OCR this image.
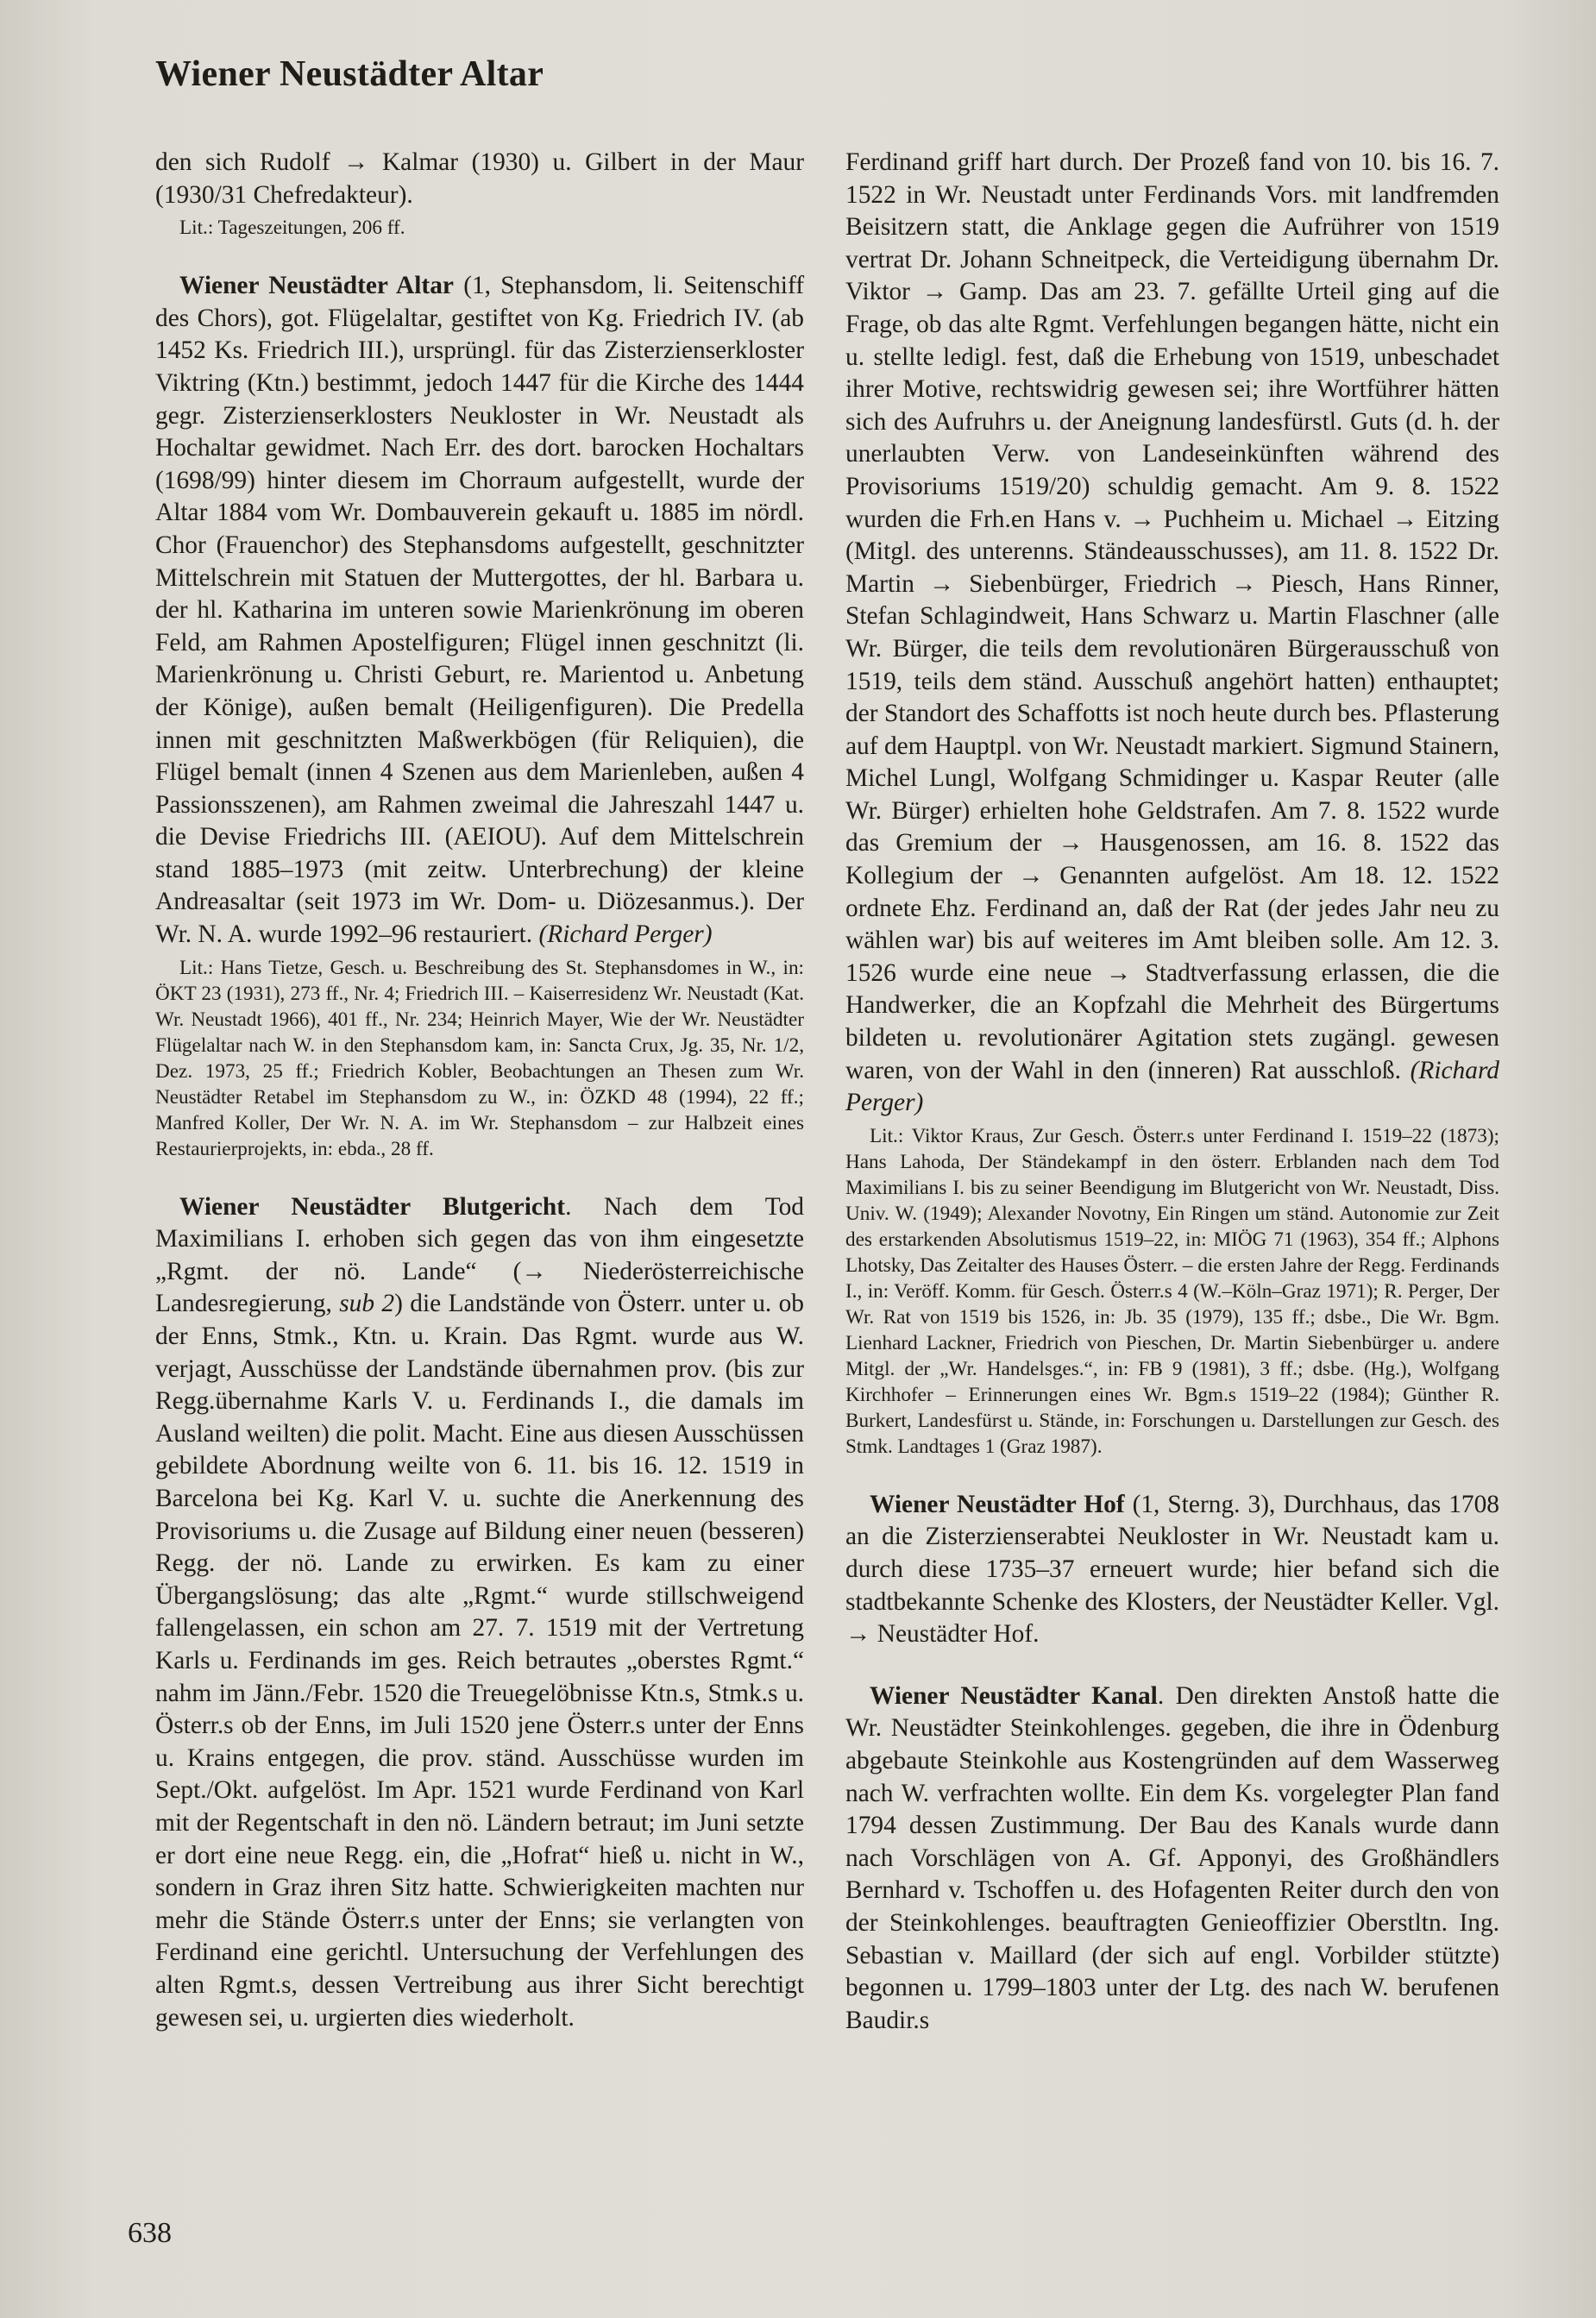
Wiener Neustädter Altar

den sich Rudolf → Kalmar (1930) u. Gilbert in der Maur (1930/31 Chefredakteur).

Lit.: Tageszeitungen, 206 ff.

Wiener Neustädter Altar (1, Stephansdom, li. Seitenschiff des Chors), got. Flügelaltar, gestiftet von Kg. Friedrich IV. (ab 1452 Ks. Friedrich III.), ursprüngl. für das Zisterzienserkloster Viktring (Ktn.) bestimmt, jedoch 1447 für die Kirche des 1444 gegr. Zisterzienserklosters Neukloster in Wr. Neustadt als Hochaltar gewidmet. Nach Err. des dort. barocken Hochaltars (1698/99) hinter diesem im Chorraum aufgestellt, wurde der Altar 1884 vom Wr. Dombauverein gekauft u. 1885 im nördl. Chor (Frauenchor) des Stephansdoms aufgestellt, geschnitzter Mittelschrein mit Statuen der Muttergottes, der hl. Barbara u. der hl. Katharina im unteren sowie Marienkrönung im oberen Feld, am Rahmen Apostelfiguren; Flügel innen geschnitzt (li. Marienkrönung u. Christi Geburt, re. Marientod u. Anbetung der Könige), außen bemalt (Heiligenfiguren). Die Predella innen mit geschnitzten Maßwerkbögen (für Reliquien), die Flügel bemalt (innen 4 Szenen aus dem Marienleben, außen 4 Passionsszenen), am Rahmen zweimal die Jahreszahl 1447 u. die Devise Friedrichs III. (AEIOU). Auf dem Mittelschrein stand 1885–1973 (mit zeitw. Unterbrechung) der kleine Andreasaltar (seit 1973 im Wr. Dom- u. Diözesanmus.). Der Wr. N. A. wurde 1992–96 restauriert. (Richard Perger)

Lit.: Hans Tietze, Gesch. u. Beschreibung des St. Stephansdomes in W., in: ÖKT 23 (1931), 273 ff., Nr. 4; Friedrich III. – Kaiserresidenz Wr. Neustadt (Kat. Wr. Neustadt 1966), 401 ff., Nr. 234; Heinrich Mayer, Wie der Wr. Neustädter Flügelaltar nach W. in den Stephansdom kam, in: Sancta Crux, Jg. 35, Nr. 1/2, Dez. 1973, 25 ff.; Friedrich Kobler, Beobachtungen an Thesen zum Wr. Neustädter Retabel im Stephansdom zu W., in: ÖZKD 48 (1994), 22 ff.; Manfred Koller, Der Wr. N. A. im Wr. Stephansdom – zur Halbzeit eines Restaurierprojekts, in: ebda., 28 ff.

Wiener Neustädter Blutgericht. Nach dem Tod Maximilians I. erhoben sich gegen das von ihm eingesetzte „Rgmt. der nö. Lande“ (→ Niederösterreichische Landesregierung, sub 2) die Landstände von Österr. unter u. ob der Enns, Stmk., Ktn. u. Krain. Das Rgmt. wurde aus W. verjagt, Ausschüsse der Landstände übernahmen prov. (bis zur Regg.übernahme Karls V. u. Ferdinands I., die damals im Ausland weilten) die polit. Macht. Eine aus diesen Ausschüssen gebildete Abordnung weilte von 6. 11. bis 16. 12. 1519 in Barcelona bei Kg. Karl V. u. suchte die Anerkennung des Provisoriums u. die Zusage auf Bildung einer neuen (besseren) Regg. der nö. Lande zu erwirken. Es kam zu einer Übergangslösung; das alte „Rgmt.“ wurde stillschweigend fallengelassen, ein schon am 27. 7. 1519 mit der Vertretung Karls u. Ferdinands im ges. Reich betrautes „oberstes Rgmt.“ nahm im Jänn./Febr. 1520 die Treuegelöbnisse Ktn.s, Stmk.s u. Österr.s ob der Enns, im Juli 1520 jene Österr.s unter der Enns u. Krains entgegen, die prov. ständ. Ausschüsse wurden im Sept./Okt. aufgelöst. Im Apr. 1521 wurde Ferdinand von Karl mit der Regentschaft in den nö. Ländern betraut; im Juni setzte er dort eine neue Regg. ein, die „Hofrat“ hieß u. nicht in W., sondern in Graz ihren Sitz hatte. Schwierigkeiten machten nur mehr die Stände Österr.s unter der Enns; sie verlangten von Ferdinand eine gerichtl. Untersuchung der Verfehlungen des alten Rgmt.s, dessen Vertreibung aus ihrer Sicht berechtigt gewesen sei, u. urgierten dies wiederholt.

Ferdinand griff hart durch. Der Prozeß fand von 10. bis 16. 7. 1522 in Wr. Neustadt unter Ferdinands Vors. mit landfremden Beisitzern statt, die Anklage gegen die Aufrührer von 1519 vertrat Dr. Johann Schneitpeck, die Verteidigung übernahm Dr. Viktor → Gamp. Das am 23. 7. gefällte Urteil ging auf die Frage, ob das alte Rgmt. Verfehlungen begangen hätte, nicht ein u. stellte ledigl. fest, daß die Erhebung von 1519, unbeschadet ihrer Motive, rechtswidrig gewesen sei; ihre Wortführer hätten sich des Aufruhrs u. der Aneignung landesfürstl. Guts (d. h. der unerlaubten Verw. von Landeseinkünften während des Provisoriums 1519/20) schuldig gemacht. Am 9. 8. 1522 wurden die Frh.en Hans v. → Puchheim u. Michael → Eitzing (Mitgl. des unterenns. Ständeausschusses), am 11. 8. 1522 Dr. Martin → Siebenbürger, Friedrich → Piesch, Hans Rinner, Stefan Schlagindweit, Hans Schwarz u. Martin Flaschner (alle Wr. Bürger, die teils dem revolutionären Bürgerausschuß von 1519, teils dem ständ. Ausschuß angehört hatten) enthauptet; der Standort des Schaffotts ist noch heute durch bes. Pflasterung auf dem Hauptpl. von Wr. Neustadt markiert. Sigmund Stainern, Michel Lungl, Wolfgang Schmidinger u. Kaspar Reuter (alle Wr. Bürger) erhielten hohe Geldstrafen. Am 7. 8. 1522 wurde das Gremium der → Hausgenossen, am 16. 8. 1522 das Kollegium der → Genannten aufgelöst. Am 18. 12. 1522 ordnete Ehz. Ferdinand an, daß der Rat (der jedes Jahr neu zu wählen war) bis auf weiteres im Amt bleiben solle. Am 12. 3. 1526 wurde eine neue → Stadtverfassung erlassen, die die Handwerker, die an Kopfzahl die Mehrheit des Bürgertums bildeten u. revolutionärer Agitation stets zugängl. gewesen waren, von der Wahl in den (inneren) Rat ausschloß. (Richard Perger)

Lit.: Viktor Kraus, Zur Gesch. Österr.s unter Ferdinand I. 1519–22 (1873); Hans Lahoda, Der Ständekampf in den österr. Erblanden nach dem Tod Maximilians I. bis zu seiner Beendigung im Blutgericht von Wr. Neustadt, Diss. Univ. W. (1949); Alexander Novotny, Ein Ringen um ständ. Autonomie zur Zeit des erstarkenden Absolutismus 1519–22, in: MIÖG 71 (1963), 354 ff.; Alphons Lhotsky, Das Zeitalter des Hauses Österr. – die ersten Jahre der Regg. Ferdinands I., in: Veröff. Komm. für Gesch. Österr.s 4 (W.–Köln–Graz 1971); R. Perger, Der Wr. Rat von 1519 bis 1526, in: Jb. 35 (1979), 135 ff.; dsbe., Die Wr. Bgm. Lienhard Lackner, Friedrich von Pieschen, Dr. Martin Siebenbürger u. andere Mitgl. der „Wr. Handelsges.“, in: FB 9 (1981), 3 ff.; dsbe. (Hg.), Wolfgang Kirchhofer – Erinnerungen eines Wr. Bgm.s 1519–22 (1984); Günther R. Burkert, Landesfürst u. Stände, in: Forschungen u. Darstellungen zur Gesch. des Stmk. Landtages 1 (Graz 1987).

Wiener Neustädter Hof (1, Sterng. 3), Durchhaus, das 1708 an die Zisterzienserabtei Neukloster in Wr. Neustadt kam u. durch diese 1735–37 erneuert wurde; hier befand sich die stadtbekannte Schenke des Klosters, der Neustädter Keller. Vgl. → Neustädter Hof.

Wiener Neustädter Kanal. Den direkten Anstoß hatte die Wr. Neustädter Steinkohlenges. gegeben, die ihre in Ödenburg abgebaute Steinkohle aus Kostengründen auf dem Wasserweg nach W. verfrachten wollte. Ein dem Ks. vorgelegter Plan fand 1794 dessen Zustimmung. Der Bau des Kanals wurde dann nach Vorschlägen von A. Gf. Apponyi, des Großhändlers Bernhard v. Tschoffen u. des Hofagenten Reiter durch den von der Steinkohlenges. beauftragten Genieoffizier Oberstltn. Ing. Sebastian v. Maillard (der sich auf engl. Vorbilder stützte) begonnen u. 1799–1803 unter der Ltg. des nach W. berufenen Baudir.s

638
